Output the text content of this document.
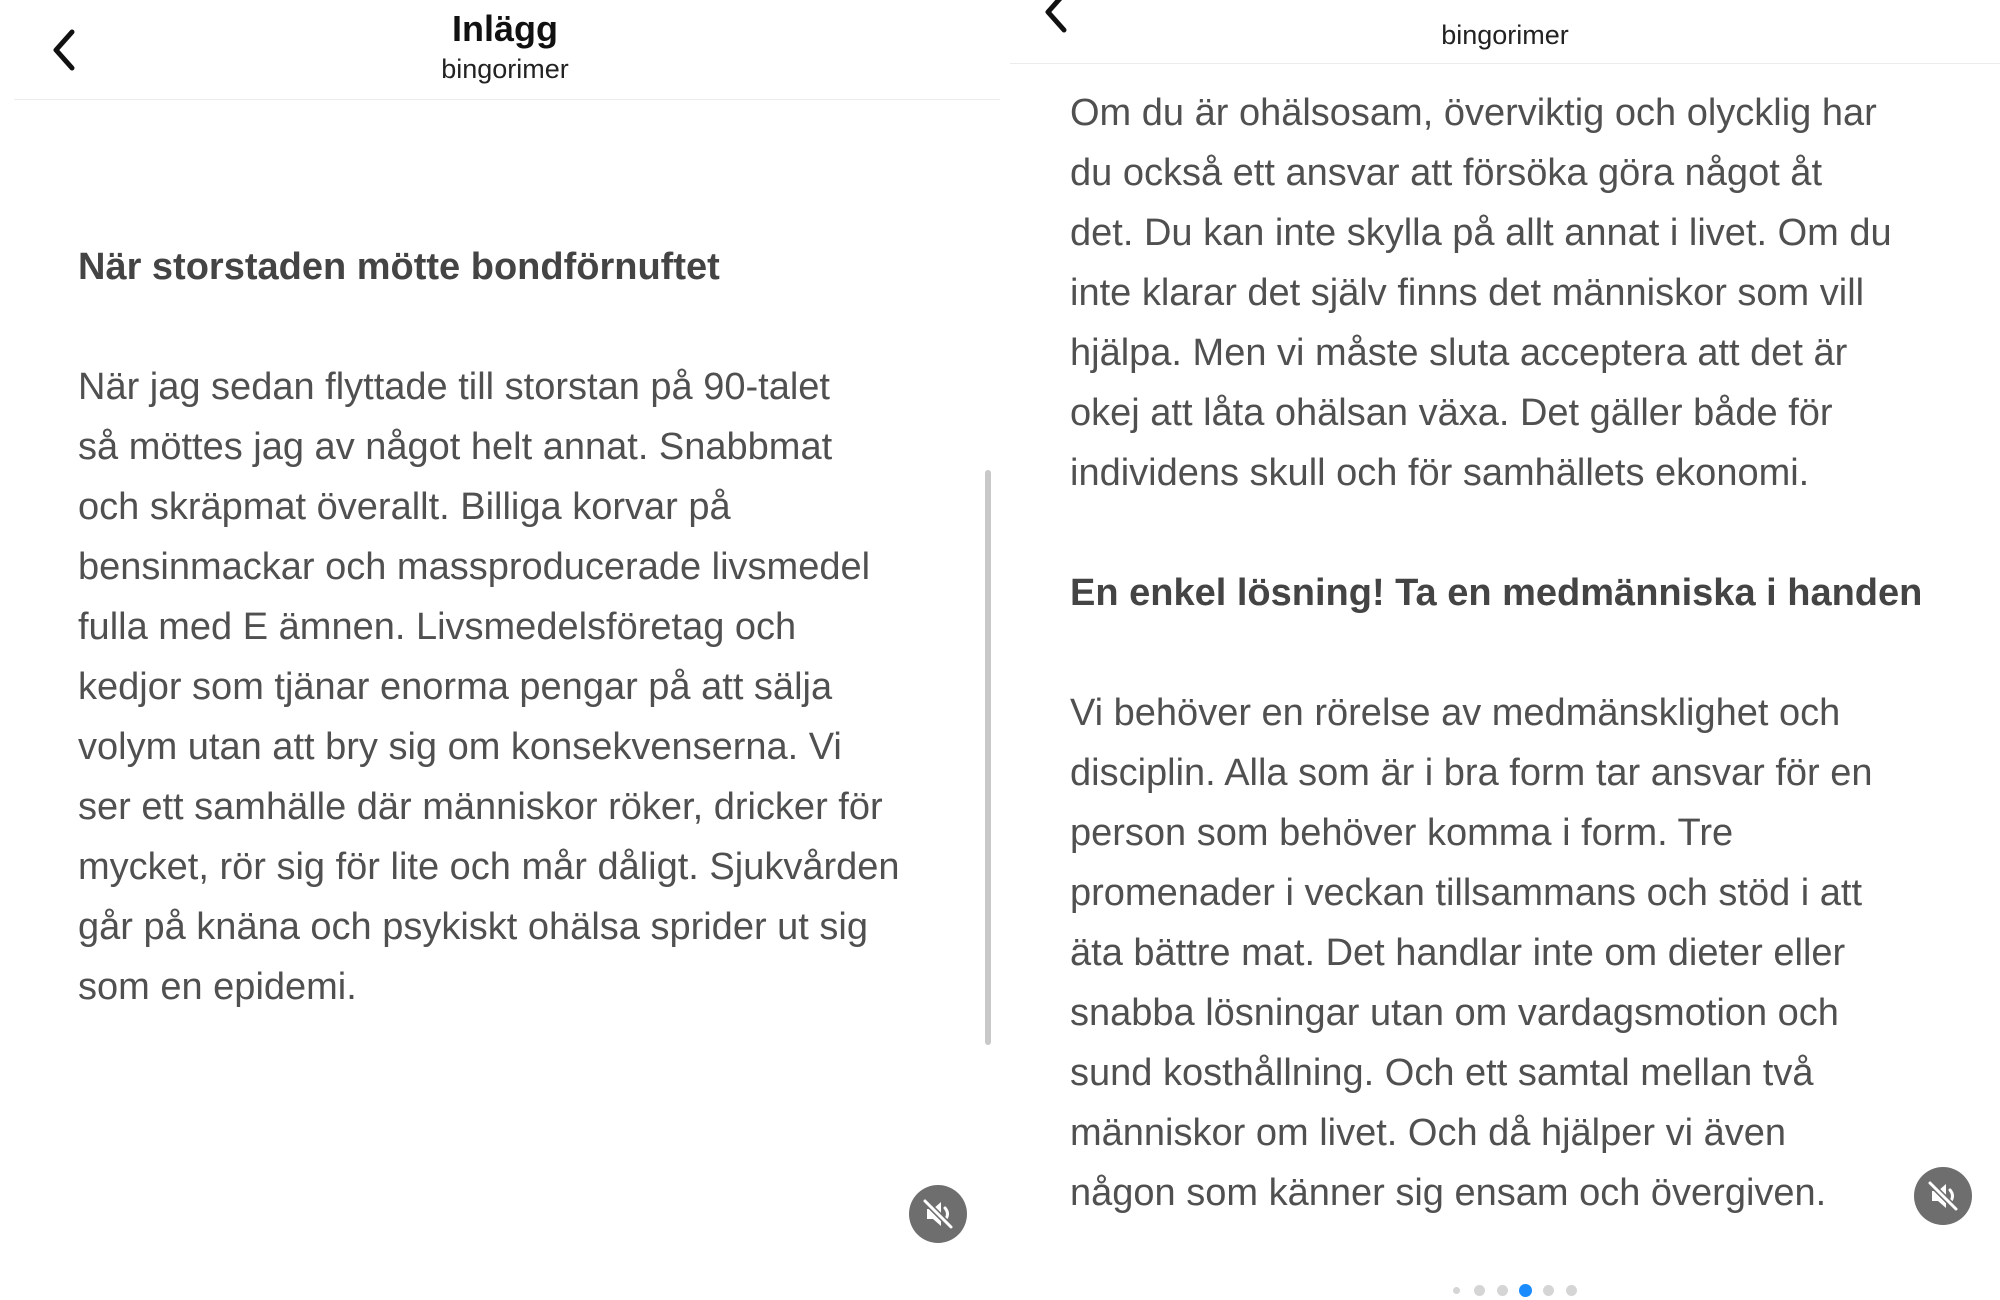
Inlägg
bingorimer

När storstaden mötte bondförnuftet

När jag sedan flyttade till storstan på 90-talet
så möttes jag av något helt annat. Snabbmat
och skräpmat överallt. Billiga korvar på
bensinmackar och massproducerade livsmedel
fulla med E ämnen. Livsmedelsföretag och
kedjor som tjänar enorma pengar på att sälja
volym utan att bry sig om konsekvenserna. Vi
ser ett samhälle där människor röker, dricker för
mycket, rör sig för lite och mår dåligt. Sjukvården
går på knäna och psykiskt ohälsa sprider ut sig
som en epidemi.

bingorimer

Om du är ohälsosam, överviktig och olycklig har
du också ett ansvar att försöka göra något åt
det. Du kan inte skylla på allt annat i livet. Om du
inte klarar det själv finns det människor som vill
hjälpa. Men vi måste sluta acceptera att det är
okej att låta ohälsan växa. Det gäller både för
individens skull och för samhällets ekonomi.

En enkel lösning! Ta en medmänniska i handen

Vi behöver en rörelse av medmänsklighet och
disciplin. Alla som är i bra form tar ansvar för en
person som behöver komma i form. Tre
promenader i veckan tillsammans och stöd i att
äta bättre mat. Det handlar inte om dieter eller
snabba lösningar utan om vardagsmotion och
sund kosthållning. Och ett samtal mellan två
människor om livet. Och då hjälper vi även
någon som känner sig ensam och övergiven.
